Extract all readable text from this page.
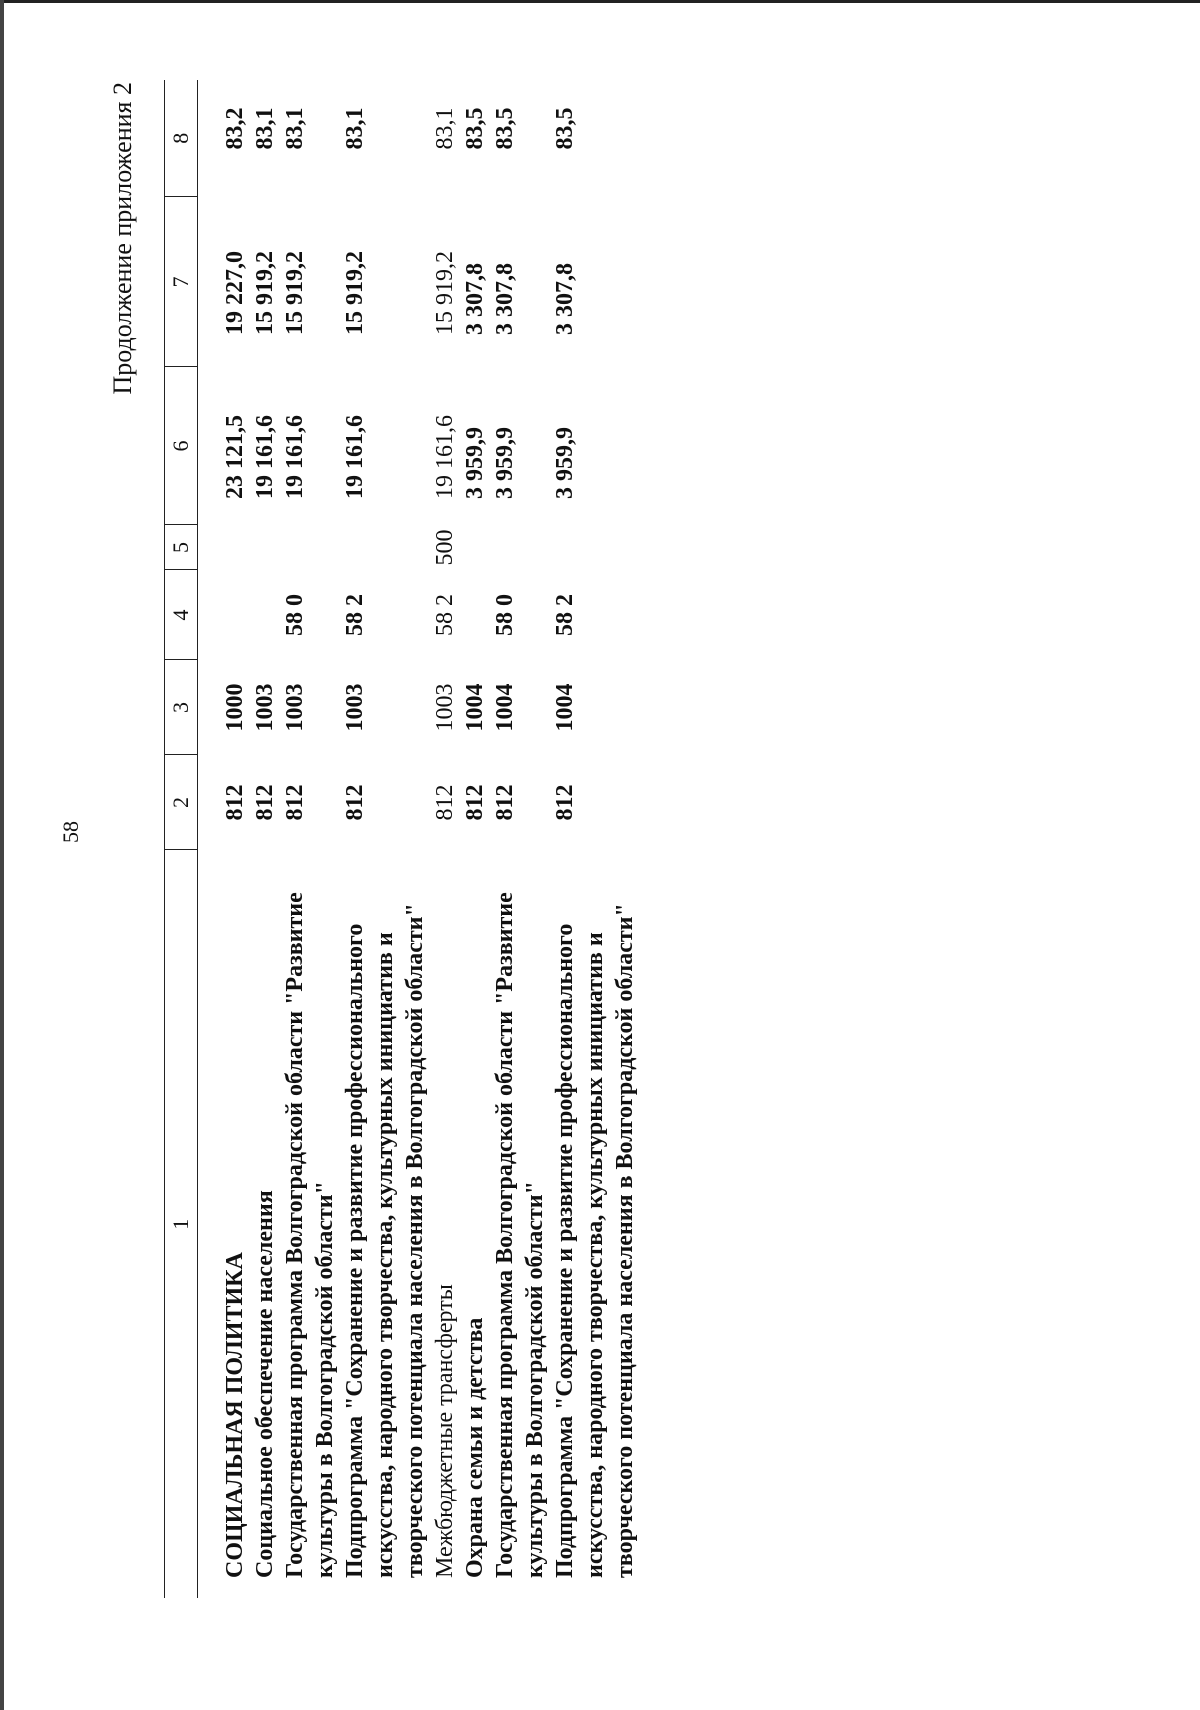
58
Продолжение приложения 2
1	2	3	4	5	6	7	8
СОЦИАЛЬНАЯ ПОЛИТИКА	812	1000			23 121,5	19 227,0	83,2
Социальное обеспечение населения	812	1003			19 161,6	15 919,2	83,1
Государственная программа Волгоградской области "Развитие культуры в Волгоградской области"	812	1003	58 0		19 161,6	15 919,2	83,1
Подпрограмма "Сохранение и развитие профессионального искусства, народного творчества, культурных инициатив и творческого потенциала населения в Волгоградской области"	812	1003	58 2		19 161,6	15 919,2	83,1
Межбюджетные трансферты	812	1003	58 2	500	19 161,6	15 919,2	83,1
Охрана семьи и детства	812	1004			3 959,9	3 307,8	83,5
Государственная программа Волгоградской области "Развитие культуры в Волгоградской области"	812	1004	58 0		3 959,9	3 307,8	83,5
Подпрограмма "Сохранение и развитие профессионального искусства, народного творчества, культурных инициатив и творческого потенциала населения в Волгоградской области"	812	1004	58 2		3 959,9	3 307,8	83,5
